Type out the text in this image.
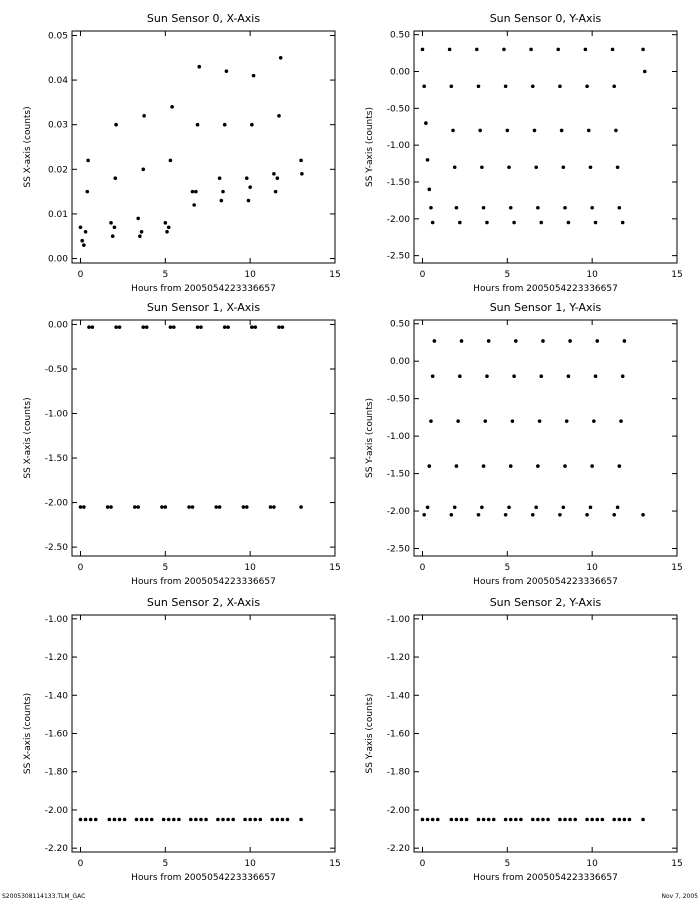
Sun Sensor 0, X-Axis
0	5	10	15
0.00
0.01
0.02
0.03
0.04
0.05
Hours from 2005054223336657
SS X-axis (counts)
Sun Sensor 0, Y-Axis
0	5	10	15
0.50
0.00
-0.50
-1.00
-1.50
-2.00
-2.50
Hours from 2005054223336657
SS Y-axis (counts)
Sun Sensor 1, X-Axis
0	5	10	15
0.00
-0.50
-1.00
-1.50
-2.00
-2.50
Hours from 2005054223336657
SS X-axis (counts)
Sun Sensor 1, Y-Axis
0	5	10	15
0.50
0.00
-0.50
-1.00
-1.50
-2.00
-2.50
Hours from 2005054223336657
SS Y-axis (counts)
Sun Sensor 2, X-Axis
0	5	10	15
-1.00
-1.20
-1.40
-1.60
-1.80
-2.00
-2.20
Hours from 2005054223336657
SS X-axis (counts)
Sun Sensor 2, Y-Axis
0	5	10	15
-1.00
-1.20
-1.40
-1.60
-1.80
-2.00
-2.20
Hours from 2005054223336657
SS Y-axis (counts)
S2005308114133.TLM_GAC	Nov 7, 2005
